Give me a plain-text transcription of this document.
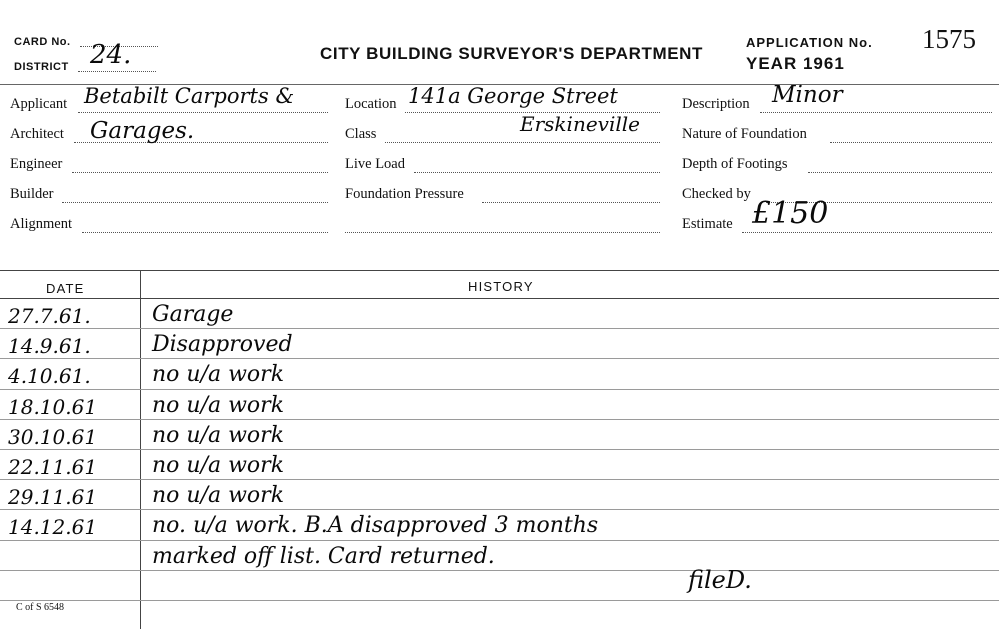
CARD No.
DISTRICT 24.	CITY BUILDING SURVEYOR'S DEPARTMENT
APPLICATION No. 1575
YEAR 1961
Applicant Betabilt Carports &
Architect Garages.
Engineer
Builder
Alignment
Location 141a George Street
Erskineville
Class
Live Load
Foundation Pressure
Description Minor
Nature of Foundation
Depth of Footings
Checked by
Estimate £150
DATE	HISTORY
27.7.61.	Garage
14.9.61.	Disapproved
4.10.61.	no u/a work
18.10.61 no u/a work
30.10.61 no u/a work
22.11.61 no u/a work
29.11.61 no u/a work
14.12.61 no. u/a work. B.A disapproved 3 months
marked off list. Card returned.
fileD.
C of S 6548
